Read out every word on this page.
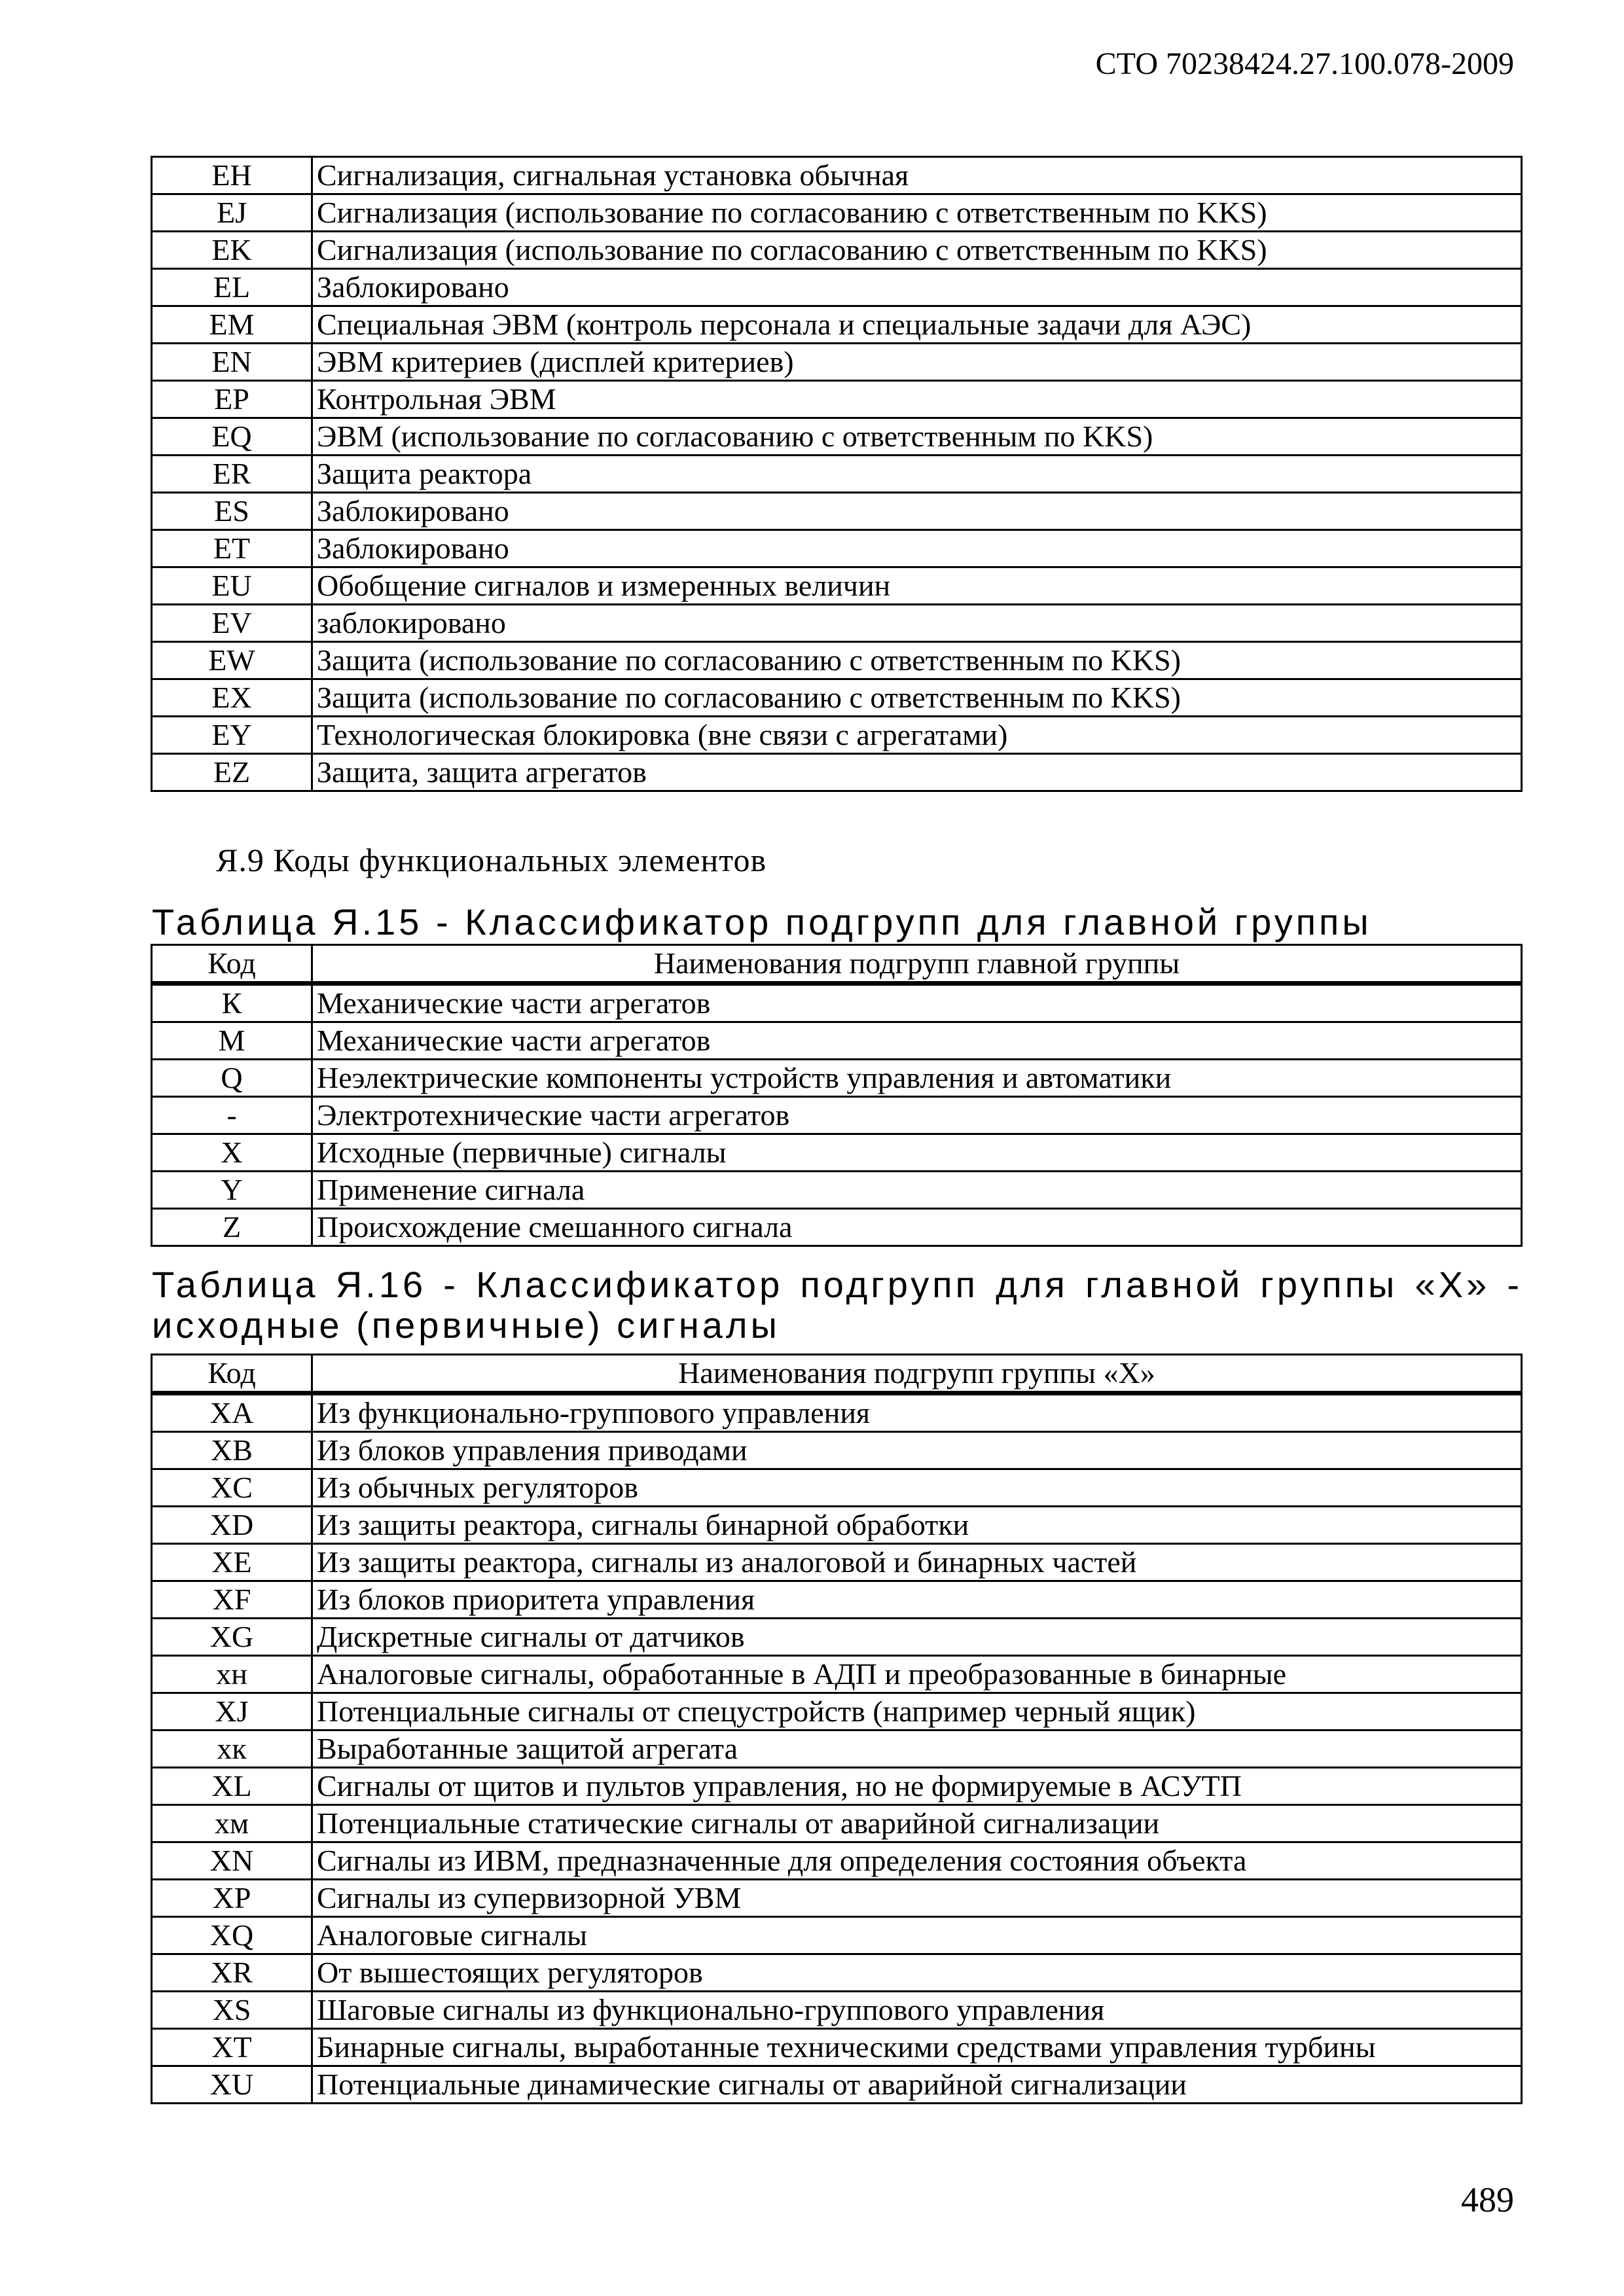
СТО 70238424.27.100.078-2009
EH	Сигнализация, сигнальная установка обычная
EJ	Сигнализация (использование по согласованию с ответственным по KKS)
EK	Сигнализация (использование по согласованию с ответственным по KKS)
EL	Заблокировано
EM	Специальная ЭВМ (контроль персонала и специальные задачи для АЭС)
EN	ЭВМ критериев (дисплей критериев)
EP	Контрольная ЭВМ
EQ	ЭВМ (использование по согласованию с ответственным по KKS)
ER	Защита реактора
ES	Заблокировано
ET	Заблокировано
EU	Обобщение сигналов и измеренных величин
EV	заблокировано
EW	Защита (использование по согласованию с ответственным по KKS)
EX	Защита (использование по согласованию с ответственным по KKS)
EY	Технологическая блокировка (вне связи с агрегатами)
EZ	Защита, защита агрегатов
Я.9 Коды функциональных элементов
Таблица Я.15 - Классификатор подгрупп для главной группы
Код	Наименования подгрупп главной группы
К	Механические части агрегатов
M	Механические части агрегатов
Q	Неэлектрические компоненты устройств управления и автоматики
-	Электротехнические части агрегатов
X	Исходные (первичные) сигналы
Y	Применение сигнала
Z	Происхождение смешанного сигнала
Таблица Я.16 - Классификатор подгрупп для главной группы «X» - исходные (первичные) сигналы
Код	Наименования подгрупп группы «X»
XA	Из функционально-группового управления
XB	Из блоков управления приводами
XC	Из обычных регуляторов
XD	Из защиты реактора, сигналы бинарной обработки
XE	Из защиты реактора, сигналы из аналоговой и бинарных частей
XF	Из блоков приоритета управления
XG	Дискретные сигналы от датчиков
хн	Аналоговые сигналы, обработанные в АДП и преобразованные в бинарные
XJ	Потенциальные сигналы от спецустройств (например черный ящик)
хк	Выработанные защитой агрегата
XL	Сигналы от щитов и пультов управления, но не формируемые в АСУТП
хм	Потенциальные статические сигналы от аварийной сигнализации
XN	Сигналы из ИВМ, предназначенные для определения состояния объекта
XP	Сигналы из супервизорной УВМ
XQ	Аналоговые сигналы
XR	От вышестоящих регуляторов
XS	Шаговые сигналы из функционально-группового управления
XT	Бинарные сигналы, выработанные техническими средствами управления турбины
XU	Потенциальные динамические сигналы от аварийной сигнализации
489
